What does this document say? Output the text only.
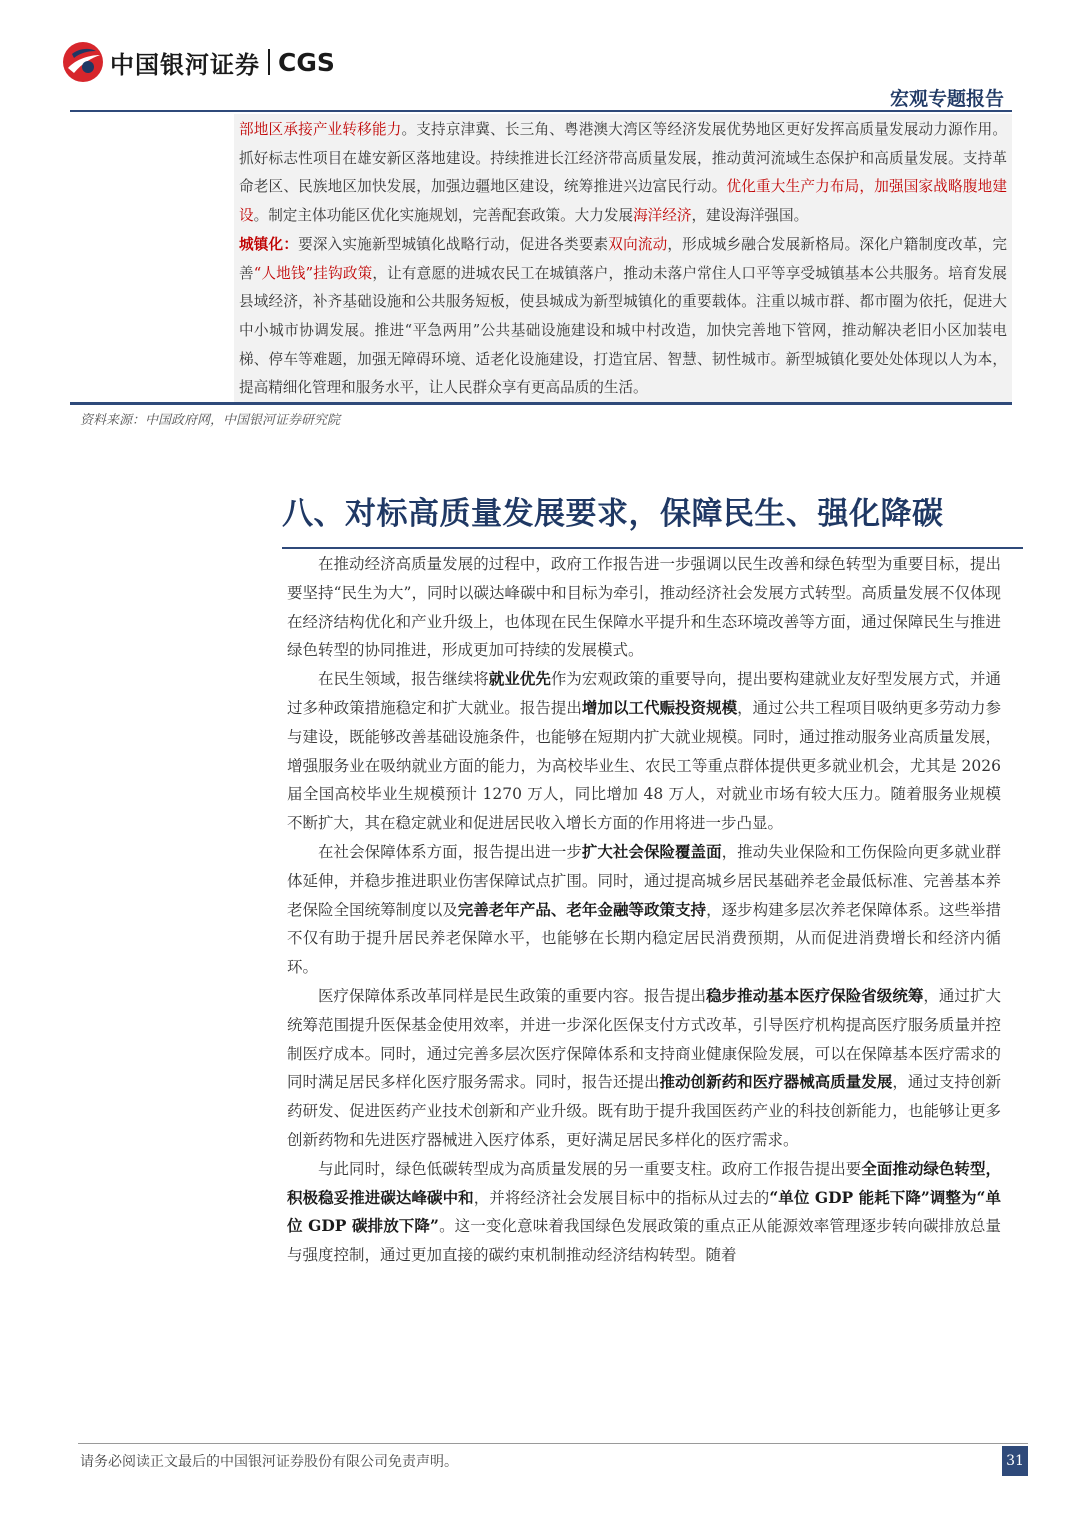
中国银河证券 CGS
宏观专题报告

部地区承接产业转移能力。支持京津冀、长三角、粤港澳大湾区等经济发展优势地区更好发挥高质量发展动力源作用。抓好标志性项目在雄安新区落地建设。持续推进长江经济带高质量发展，推动黄河流域生态保护和高质量发展。支持革命老区、民族地区加快发展，加强边疆地区建设，统筹推进兴边富民行动。优化重大生产力布局，加强国家战略腹地建设。制定主体功能区优化实施规划，完善配套政策。大力发展海洋经济，建设海洋强国。

城镇化：要深入实施新型城镇化战略行动，促进各类要素双向流动，形成城乡融合发展新格局。深化户籍制度改革，完善“人地钱”挂钩政策，让有意愿的进城农民工在城镇落户，推动未落户常住人口平等享受城镇基本公共服务。培育发展县域经济，补齐基础设施和公共服务短板，使县城成为新型城镇化的重要载体。注重以城市群、都市圈为依托，促进大中小城市协调发展。推进“平急两用”公共基础设施建设和城中村改造，加快完善地下管网，推动解决老旧小区加装电梯、停车等难题，加强无障碍环境、适老化设施建设，打造宜居、智慧、韧性城市。新型城镇化要处处体现以人为本，提高精细化管理和服务水平，让人民群众享有更高品质的生活。

资料来源：中国政府网，中国银河证券研究院
八、对标高质量发展要求，保障民生、强化降碳

在推动经济高质量发展的过程中，政府工作报告进一步强调以民生改善和绿色转型为重要目标，提出要坚持“民生为大”，同时以碳达峰碳中和目标为牵引，推动经济社会发展方式转型。高质量发展不仅体现在经济结构优化和产业升级上，也体现在民生保障水平提升和生态环境改善等方面，通过保障民生与推进绿色转型的协同推进，形成更加可持续的发展模式。

在民生领域，报告继续将就业优先作为宏观政策的重要导向，提出要构建就业友好型发展方式，并通过多种政策措施稳定和扩大就业。报告提出增加以工代赈投资规模，通过公共工程项目吸纳更多劳动力参与建设，既能够改善基础设施条件，也能够在短期内扩大就业规模。同时，通过推动服务业高质量发展，增强服务业在吸纳就业方面的能力，为高校毕业生、农民工等重点群体提供更多就业机会，尤其是 2026 届全国高校毕业生规模预计 1270 万人，同比增加 48 万人，对就业市场有较大压力。随着服务业规模不断扩大，其在稳定就业和促进居民收入增长方面的作用将进一步凸显。

在社会保障体系方面，报告提出进一步扩大社会保险覆盖面，推动失业保险和工伤保险向更多就业群体延伸，并稳步推进职业伤害保障试点扩围。同时，通过提高城乡居民基础养老金最低标准、完善基本养老保险全国统筹制度以及完善老年产品、老年金融等政策支持，逐步构建多层次养老保障体系。这些举措不仅有助于提升居民养老保障水平，也能够在长期内稳定居民消费预期，从而促进消费增长和经济内循环。

医疗保障体系改革同样是民生政策的重要内容。报告提出稳步推动基本医疗保险省级统筹，通过扩大统筹范围提升医保基金使用效率，并进一步深化医保支付方式改革，引导医疗机构提高医疗服务质量并控制医疗成本。同时，通过完善多层次医疗保障体系和支持商业健康保险发展，可以在保障基本医疗需求的同时满足居民多样化医疗服务需求。同时，报告还提出推动创新药和医疗器械高质量发展，通过支持创新药研发、促进医药产业技术创新和产业升级。既有助于提升我国医药产业的科技创新能力，也能够让更多创新药物和先进医疗器械进入医疗体系，更好满足居民多样化的医疗需求。

与此同时，绿色低碳转型成为高质量发展的另一重要支柱。政府工作报告提出要全面推动绿色转型，积极稳妥推进碳达峰碳中和，并将经济社会发展目标中的指标从过去的“单位 GDP 能耗下降”调整为“单位 GDP 碳排放下降”。这一变化意味着我国绿色发展政策的重点正从能源效率管理逐步转向碳排放总量与强度控制，通过更加直接的碳约束机制推动经济结构转型。随着

请务必阅读正文最后的中国银河证券股份有限公司免责声明。	31
